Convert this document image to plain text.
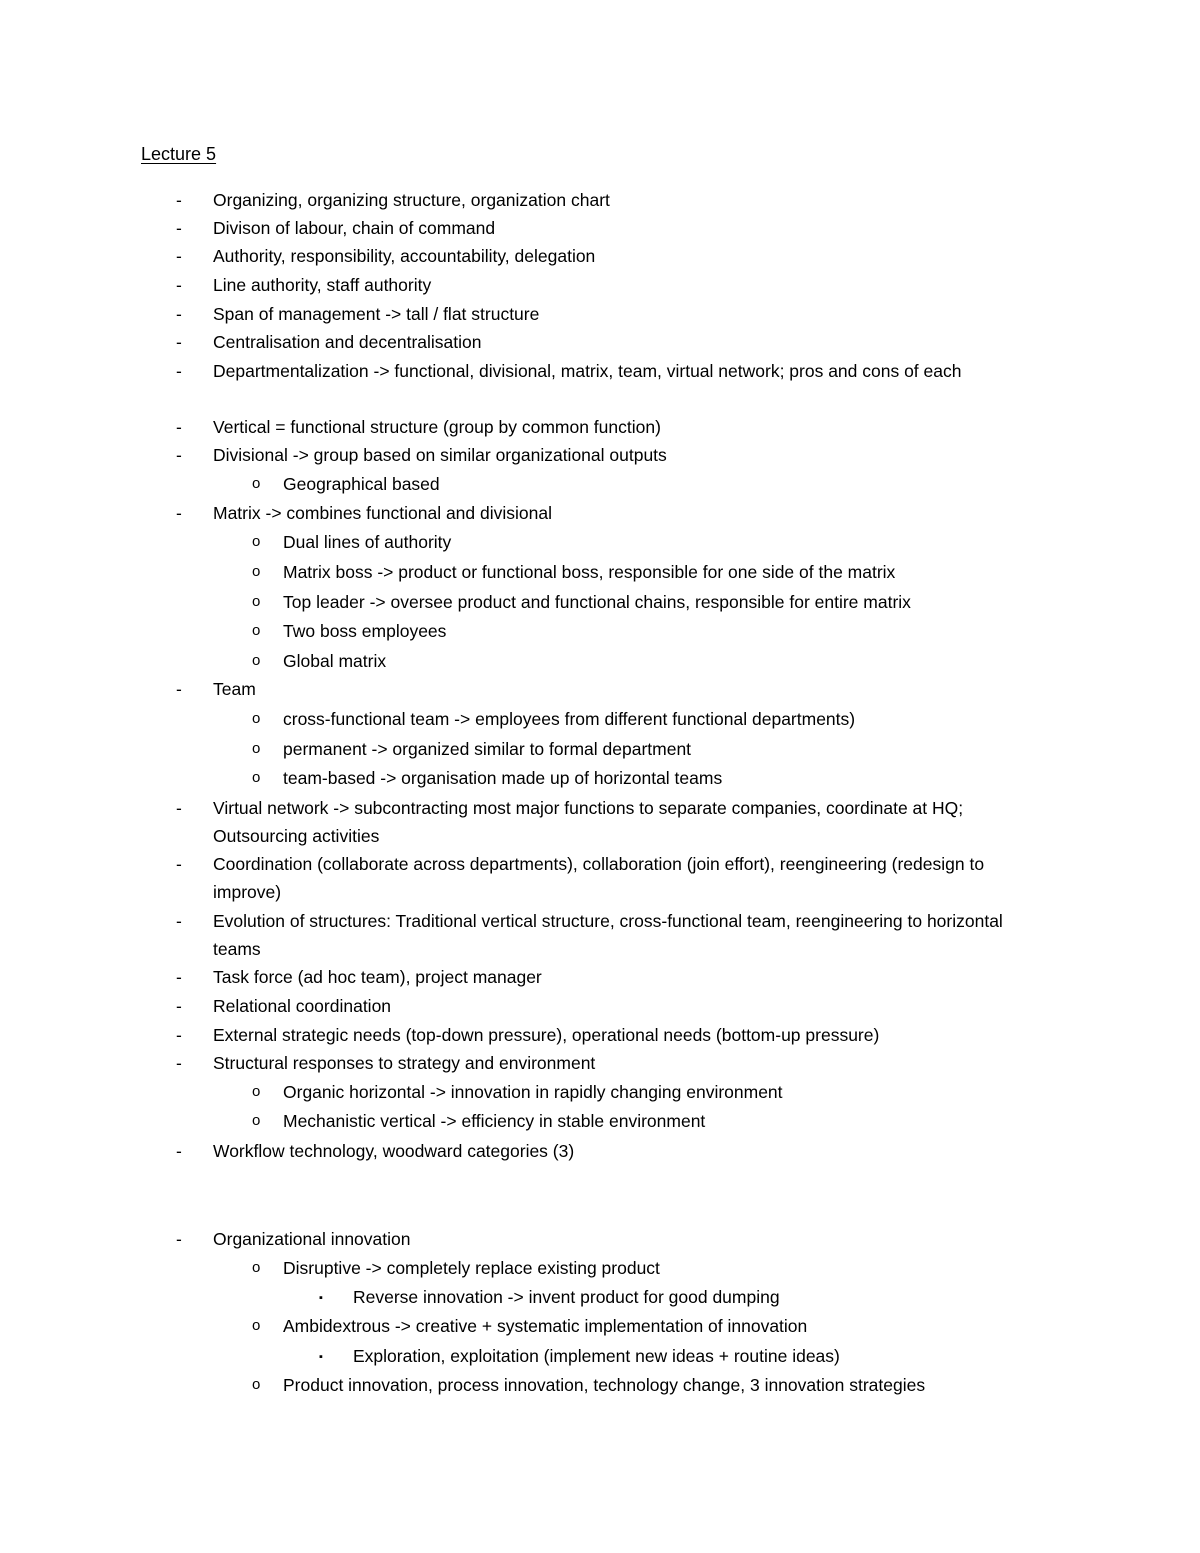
Lecture 5
- Organizing, organizing structure, organization chart
- Divison of labour, chain of command
- Authority, responsibility, accountability, delegation
- Line authority, staff authority
- Span of management -> tall / flat structure
- Centralisation and decentralisation
- Departmentalization -> functional, divisional, matrix, team, virtual network; pros and cons of each
- Vertical = functional structure (group by common function)
- Divisional -> group based on similar organizational outputs
o Geographical based
- Matrix -> combines functional and divisional
o Dual lines of authority
o Matrix boss -> product or functional boss, responsible for one side of the matrix
o Top leader -> oversee product and functional chains, responsible for entire matrix
o Two boss employees
o Global matrix
- Team
o cross-functional team -> employees from different functional departments)
o permanent -> organized similar to formal department
o team-based -> organisation made up of horizontal teams
- Virtual network -> subcontracting most major functions to separate companies, coordinate at HQ; Outsourcing activities
- Coordination (collaborate across departments), collaboration (join effort), reengineering (redesign to improve)
- Evolution of structures: Traditional vertical structure, cross-functional team, reengineering to horizontal teams
- Task force (ad hoc team), project manager
- Relational coordination
- External strategic needs (top-down pressure), operational needs (bottom-up pressure)
- Structural responses to strategy and environment
o Organic horizontal -> innovation in rapidly changing environment
o Mechanistic vertical -> efficiency in stable environment
- Workflow technology, woodward categories (3)
- Organizational innovation
o Disruptive -> completely replace existing product
▪ Reverse innovation -> invent product for good dumping
o Ambidextrous -> creative + systematic implementation of innovation
▪ Exploration, exploitation (implement new ideas + routine ideas)
o Product innovation, process innovation, technology change, 3 innovation strategies
